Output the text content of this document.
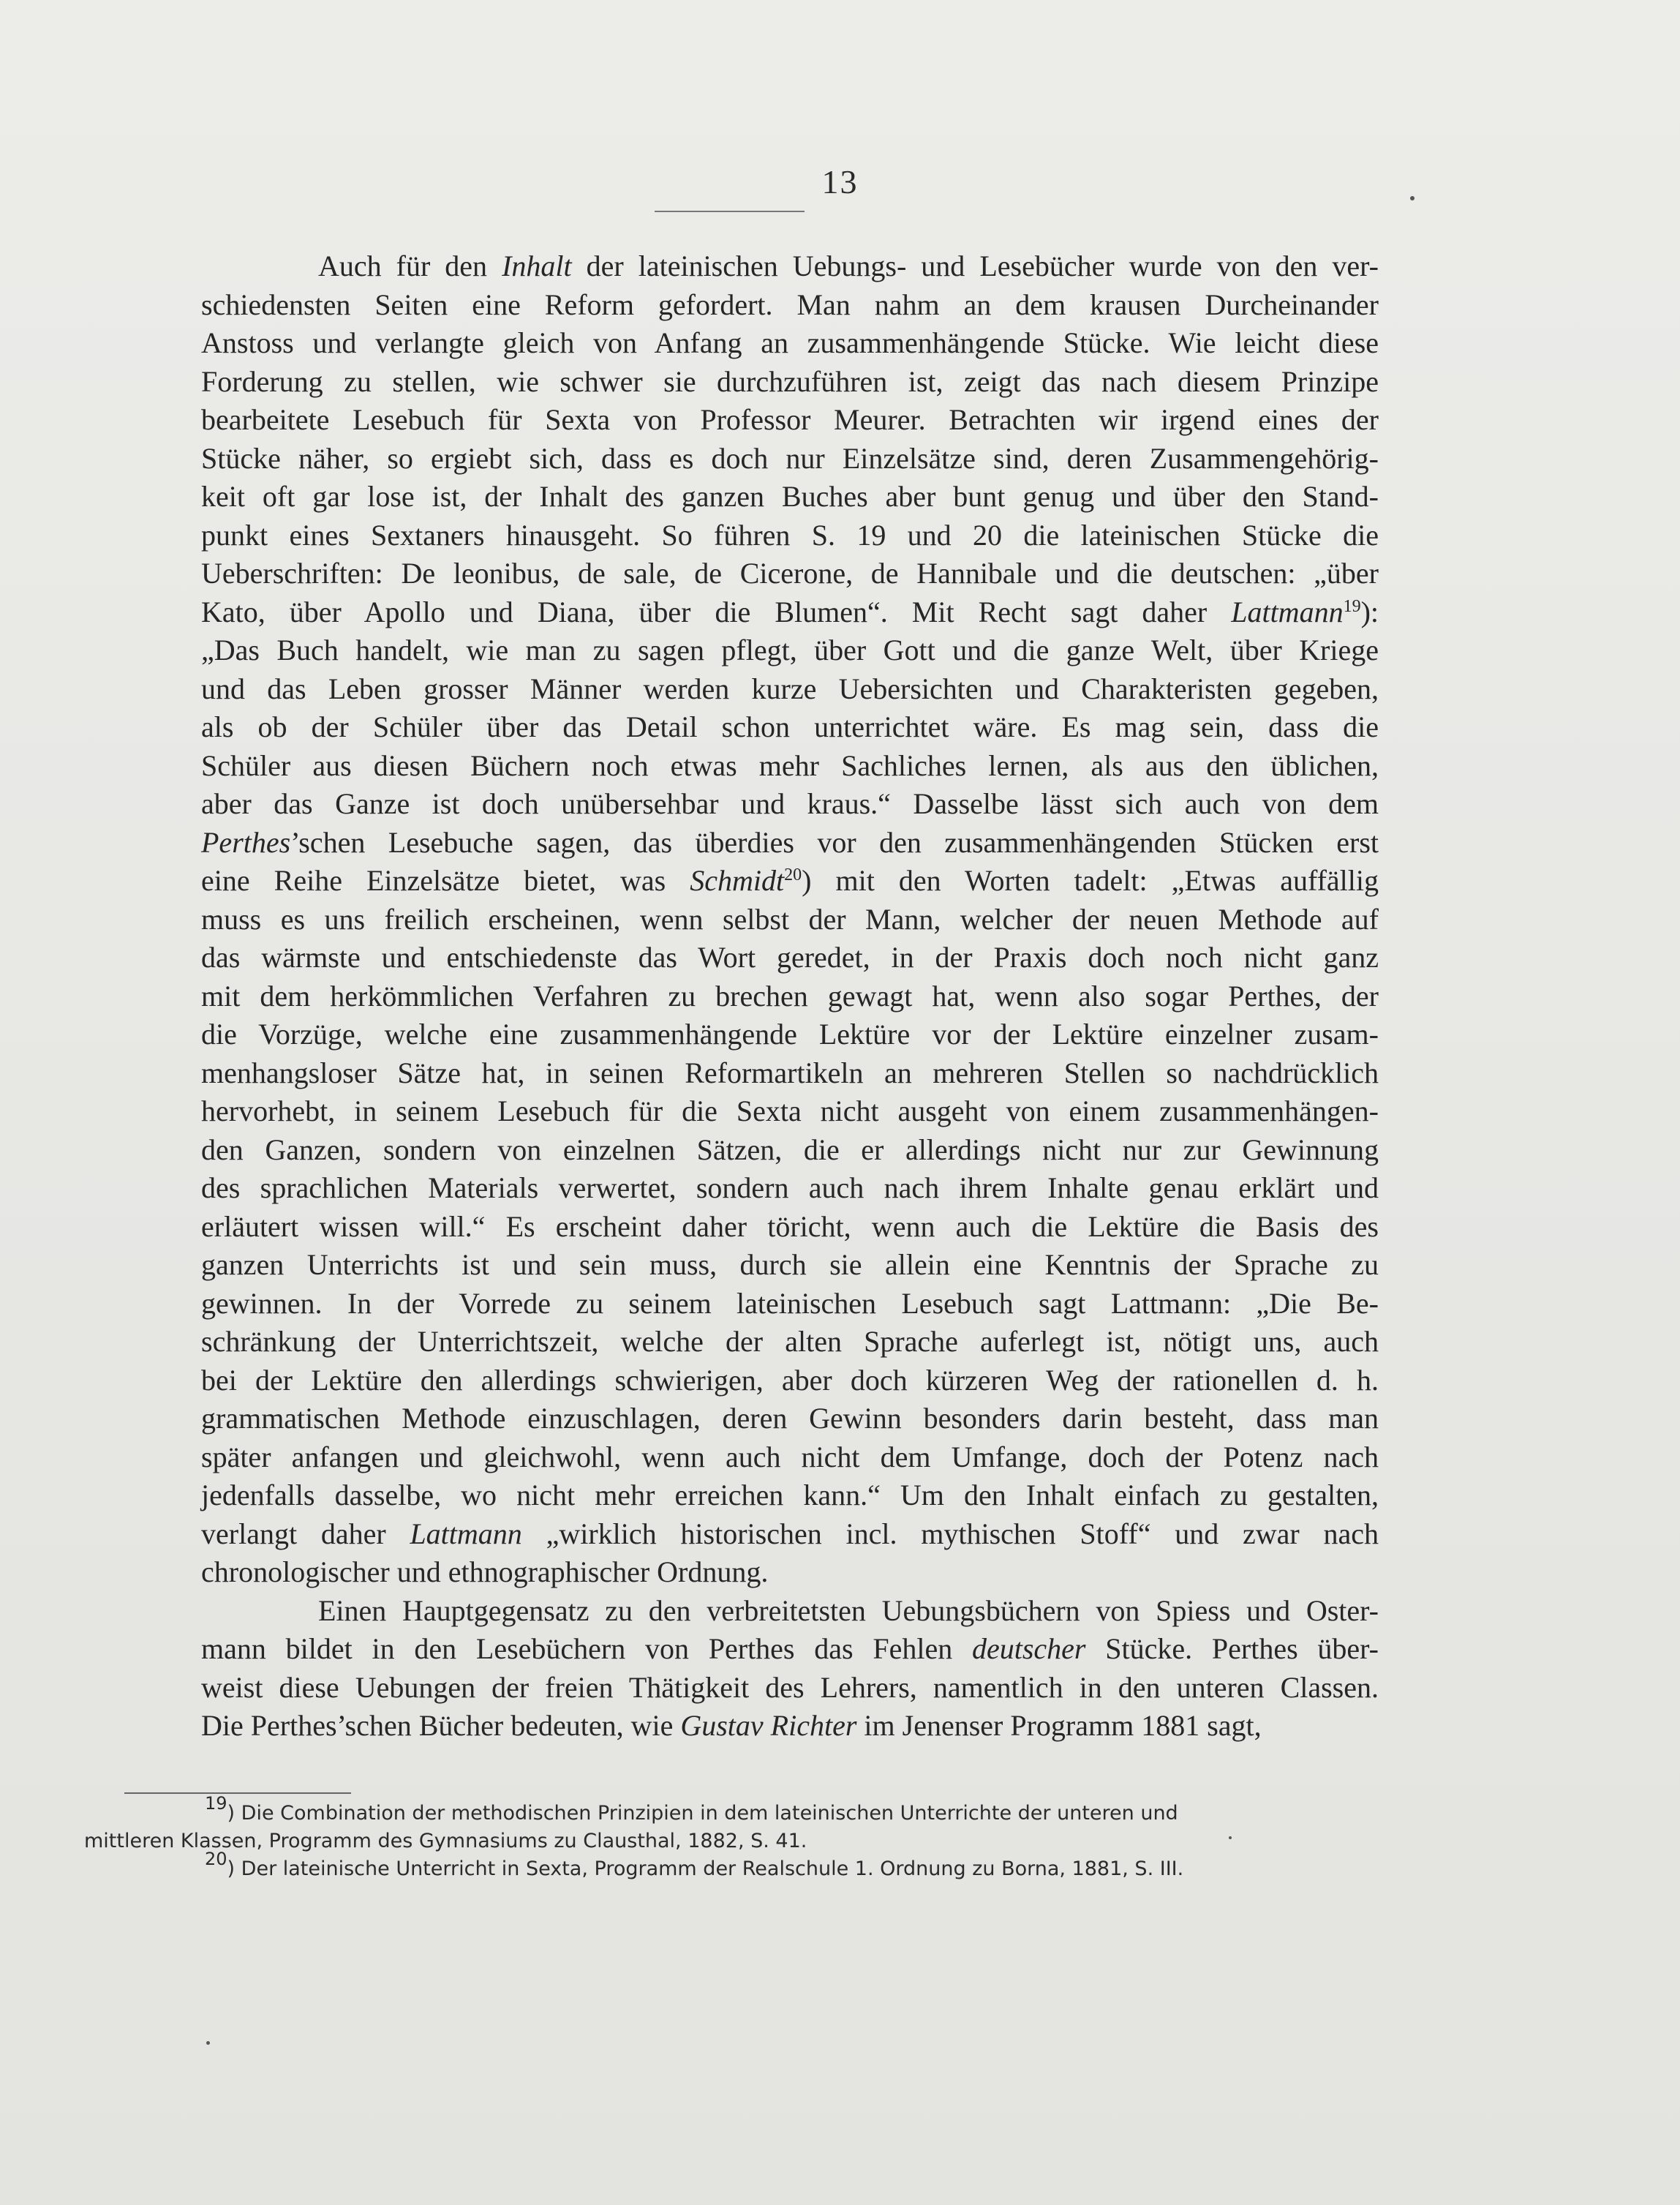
13
Auch für den Inhalt der lateinischen Uebungs- und Lesebücher wurde von den ver-
schiedensten Seiten eine Reform gefordert. Man nahm an dem krausen Durcheinander
Anstoss und verlangte gleich von Anfang an zusammenhängende Stücke. Wie leicht diese
Forderung zu stellen, wie schwer sie durchzuführen ist, zeigt das nach diesem Prinzipe
bearbeitete Lesebuch für Sexta von Professor Meurer. Betrachten wir irgend eines der
Stücke näher, so ergiebt sich, dass es doch nur Einzelsätze sind, deren Zusammengehörig-
keit oft gar lose ist, der Inhalt des ganzen Buches aber bunt genug und über den Stand-
punkt eines Sextaners hinausgeht. So führen S. 19 und 20 die lateinischen Stücke die
Ueberschriften: De leonibus, de sale, de Cicerone, de Hannibale und die deutschen: „über
Kato, über Apollo und Diana, über die Blumen“. Mit Recht sagt daher Lattmann$^{19}$):
„Das Buch handelt, wie man zu sagen pflegt, über Gott und die ganze Welt, über Kriege
und das Leben grosser Männer werden kurze Uebersichten und Charakteristen gegeben,
als ob der Schüler über das Detail schon unterrichtet wäre. Es mag sein, dass die
Schüler aus diesen Büchern noch etwas mehr Sachliches lernen, als aus den üblichen,
aber das Ganze ist doch unübersehbar und kraus.“ Dasselbe lässt sich auch von dem
Perthes’schen Lesebuche sagen, das überdies vor den zusammenhängenden Stücken erst
eine Reihe Einzelsätze bietet, was Schmidt$^{20}$) mit den Worten tadelt: „Etwas auffällig
muss es uns freilich erscheinen, wenn selbst der Mann, welcher der neuen Methode auf
das wärmste und entschiedenste das Wort geredet, in der Praxis doch noch nicht ganz
mit dem herkömmlichen Verfahren zu brechen gewagt hat, wenn also sogar Perthes, der
die Vorzüge, welche eine zusammenhängende Lektüre vor der Lektüre einzelner zusam-
menhangsloser Sätze hat, in seinen Reformartikeln an mehreren Stellen so nachdrücklich
hervorhebt, in seinem Lesebuch für die Sexta nicht ausgeht von einem zusammenhängen-
den Ganzen, sondern von einzelnen Sätzen, die er allerdings nicht nur zur Gewinnung
des sprachlichen Materials verwertet, sondern auch nach ihrem Inhalte genau erklärt und
erläutert wissen will.“ Es erscheint daher töricht, wenn auch die Lektüre die Basis des
ganzen Unterrichts ist und sein muss, durch sie allein eine Kenntnis der Sprache zu
gewinnen. In der Vorrede zu seinem lateinischen Lesebuch sagt Lattmann: „Die Be-
schränkung der Unterrichtszeit, welche der alten Sprache auferlegt ist, nötigt uns, auch
bei der Lektüre den allerdings schwierigen, aber doch kürzeren Weg der rationellen d. h.
grammatischen Methode einzuschlagen, deren Gewinn besonders darin besteht, dass man
später anfangen und gleichwohl, wenn auch nicht dem Umfange, doch der Potenz nach
jedenfalls dasselbe, wo nicht mehr erreichen kann.“ Um den Inhalt einfach zu gestalten,
verlangt daher Lattmann „wirklich historischen incl. mythischen Stoff“ und zwar nach
chronologischer und ethnographischer Ordnung.
Einen Hauptgegensatz zu den verbreitetsten Uebungsbüchern von Spiess und Oster-
mann bildet in den Lesebüchern von Perthes das Fehlen deutscher Stücke. Perthes über-
weist diese Uebungen der freien Thätigkeit des Lehrers, namentlich in den unteren Classen.
Die Perthes’schen Bücher bedeuten, wie Gustav Richter im Jenenser Programm 1881 sagt,
$^{19}$) Die Combination der methodischen Prinzipien in dem lateinischen Unterrichte der unteren und
mittleren Klassen, Programm des Gymnasiums zu Clausthal, 1882, S. 41.
$^{20}$) Der lateinische Unterricht in Sexta, Programm der Realschule 1. Ordnung zu Borna, 1881, S. III.
